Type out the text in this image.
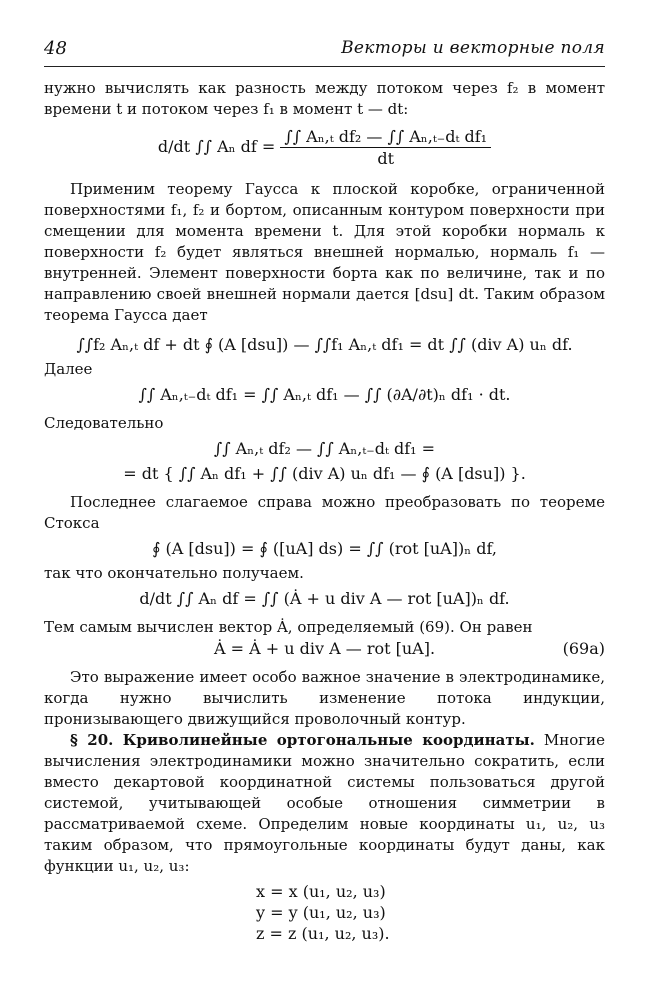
48	Векторы и векторные поля

нужно вычислять как разность между потоком через f₂ в момент времени t и потоком через f₁ в момент t — dt:

d/dt ∫∫ Aₙ df = $\frac{\text{∫∫ Aₙ,ₜ df₂ — ∫∫ Aₙ,ₜ₋dₜ df₁}}{dt}$

Применим теорему Гаусса к плоской коробке, ограниченной поверхностями f₁, f₂ и бортом, описанным контуром поверхности при смещении для момента времени t. Для этой коробки нормаль к поверхности f₂ будет являться внешней нормалью, нормаль f₁ — внутренней. Элемент поверхности борта как по величине, так и по направлению своей внешней нормали дается [dsu] dt. Таким образом теорема Гаусса дает

∫∫f₂ Aₙ,ₜ df + dt ∮ (A [dsu]) — ∫∫f₁ Aₙ,ₜ df₁ = dt ∫∫ (div A) uₙ df.

Далее

∫∫ Aₙ,ₜ₋dₜ df₁ = ∫∫ Aₙ,ₜ df₁ — ∫∫ (∂A/∂t)ₙ df₁ · dt.

Следовательно

∫∫ Aₙ,ₜ df₂ — ∫∫ Aₙ,ₜ₋dₜ df₁ =
= dt { ∫∫ Aₙ df₁ + ∫∫ (div A) uₙ df₁ — ∮ (A [dsu]) }.

Последнее слагаемое справа можно преобразовать по теореме Стокса

∮ (A [dsu]) = ∮ ([uA] ds) = ∫∫ (rot [uA])ₙ df,

так что окончательно получаем.

d/dt ∫∫ Aₙ df = ∫∫ (Ȧ + u div A — rot [uA])ₙ df.

Тем самым вычислен вектор Ȧ, определяемый (69). Он равен

Ȧ = Ȧ + u div A — rot [uA].	(69a)

Это выражение имеет особо важное значение в электродинамике, когда нужно вычислить изменение потока индукции, пронизывающего движущийся проволочный контур.

§ 20. Криволинейные ортогональные координаты. Многие вычисления электродинамики можно значительно сократить, если вместо декартовой координатной системы пользоваться другой системой, учитывающей особые отношения симметрии в рассматриваемой схеме. Определим новые координаты u₁, u₂, u₃ таким образом, что прямоугольные координаты будут даны, как функции u₁, u₂, u₃:

x = x (u₁, u₂, u₃)
y = y (u₁, u₂, u₃)
z = z (u₁, u₂, u₃).
